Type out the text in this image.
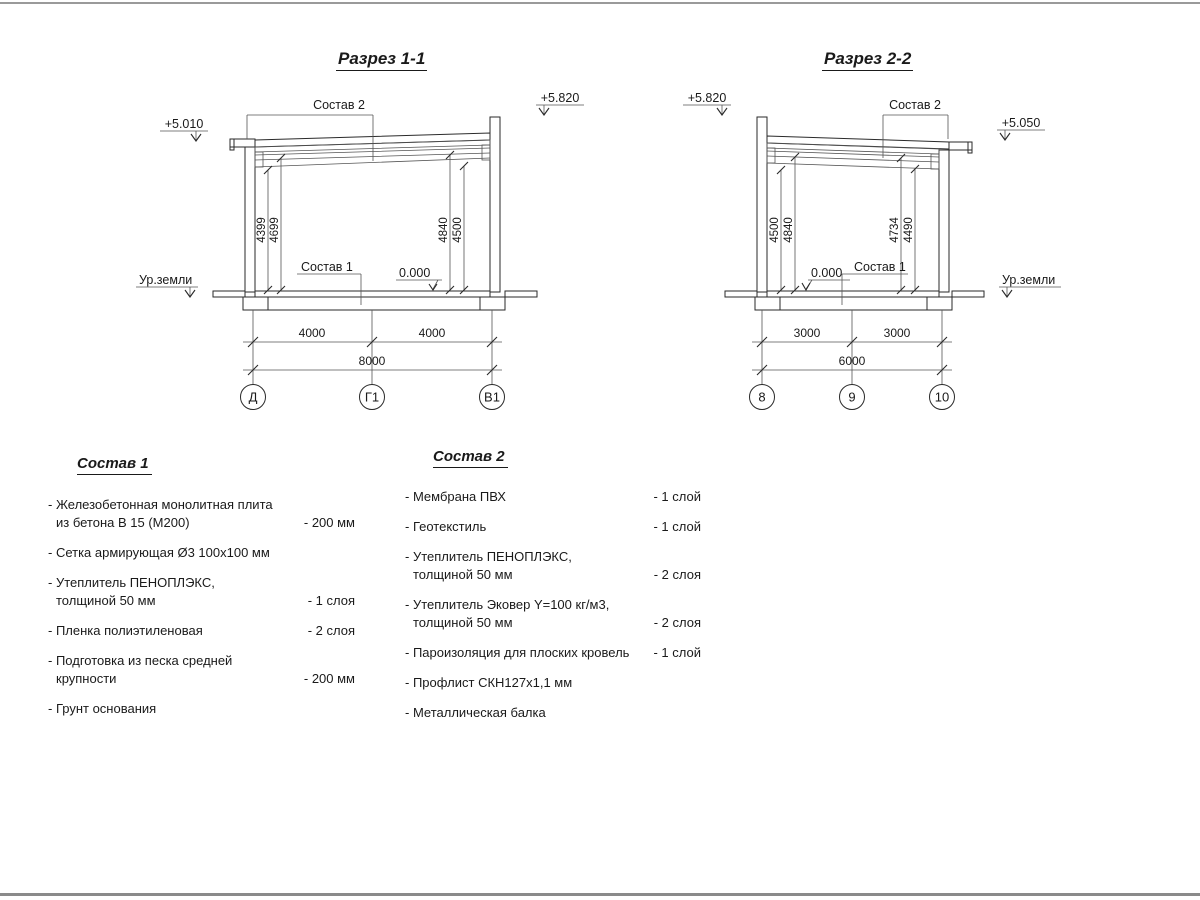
Разрез 1-1	Разрез 2-2
4399 4699	4840 4500
Состав 2
Состав 1	0.000
+5.010
+5.820
Ур.земли
4000	4000
8000
Д	Г1	В1
4500 4840	4734 4490
Состав 2
Состав 1
0.000
+5.820
+5.050
Ур.земли
3000	3000
6000
8	9	10
Состав 1
- Железобетонная монолитная плита
из бетона В 15 (М200)	- 200 мм
- Сетка армирующая Ø3 100х100 мм
- Утеплитель ПЕНОПЛЭКС,
толщиной 50 мм	- 1 слоя
- Пленка полиэтиленовая	- 2 слоя
- Подготовка из песка средней
крупности	- 200 мм
- Грунт основания
Состав 2
- Мембрана ПВХ	- 1 слой
- Геотекстиль	- 1 слой
- Утеплитель ПЕНОПЛЭКС,
толщиной 50 мм	- 2 слоя
- Утеплитель Эковер Y=100 кг/м3,
толщиной 50 мм	- 2 слоя
- Пароизоляция для плоских кровель	- 1 слой
- Профлист СКН127х1,1 мм
- Металлическая балка
